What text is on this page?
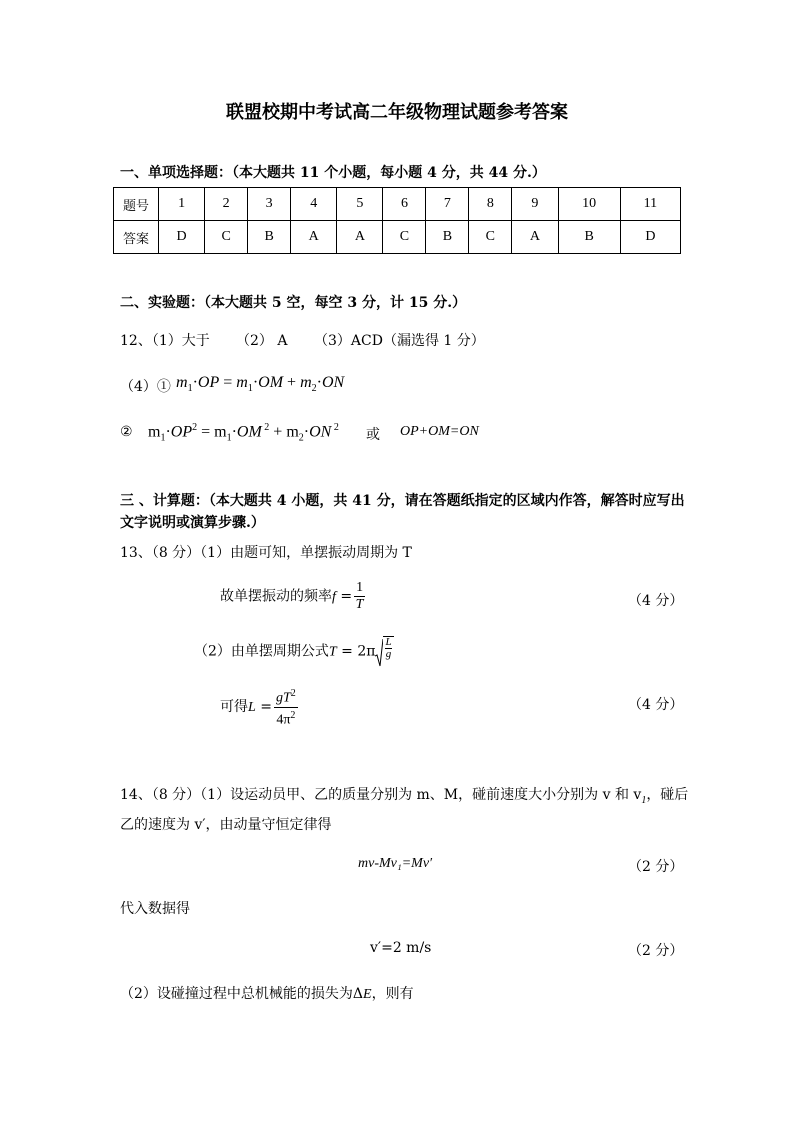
联盟校期中考试高二年级物理试题参考答案
一、单项选择题：（本大题共 11 个小题，每小题 4 分，共 44 分.）
题号	1	2	3	4	5	6	7	8	9	10	11
答案	D	C	B	A	A	C	B	C	A	B	D
二、实验题：（本大题共 5 空，每空 3 分，计 15 分.）
12、（1）大于 （2） A （3）ACD（漏选得 1 分）
（4）① $m_1\cdot OP = m_1\cdot OM + m_2\cdot ON$
② $m_1\cdot OP^2 = m_1\cdot OM$ $^2 + m_2\cdot ON$ $^2$ 或 OP+OM=ON
三 、计算题：（本大题共 4 小题，共 41 分，请在答题纸指定的区域内作答，解答时应写出
文字说明或演算步骤.）
13、（8 分）（1）由题可知，单摆振动周期为 T
故单摆振动的频率$f = \frac{1}{T}$	（4 分）
（2）由单摆周期公式$T = 2\pi \frac{L}{g}$
可得$L = \frac{gT^2}{4\pi^2}$	（4 分）
14、（8 分）（1）设运动员甲、乙的质量分别为 m、M，碰前速度大小分别为 v 和 $v_1$，碰后
乙的速度为 v′，由动量守恒定律得
mv-Mv₁=Mv′	（2 分）
代入数据得
v′=2 m/s	（2 分）
（2）设碰撞过程中总机械能的损失为ΔE，则有
